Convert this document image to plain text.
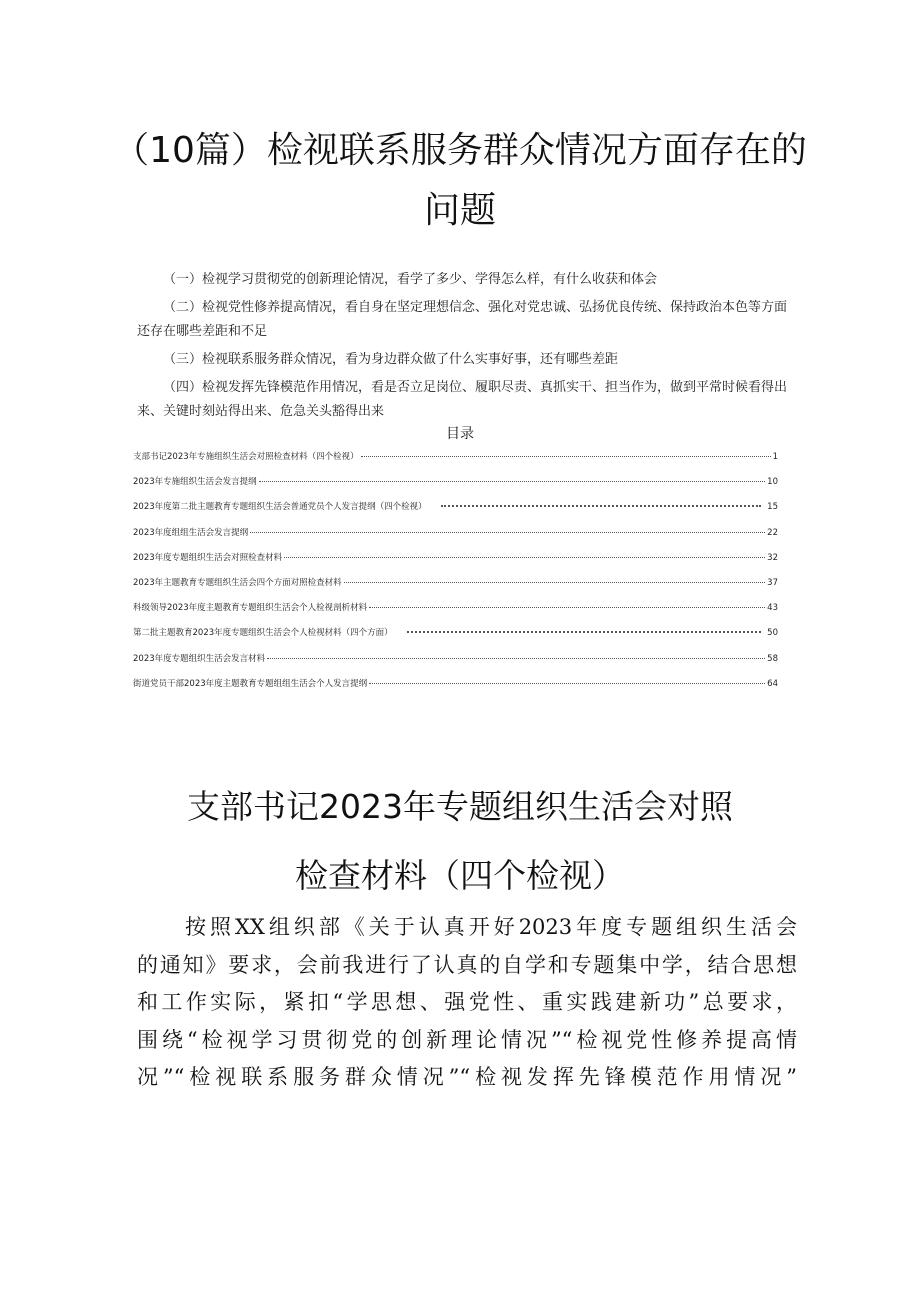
（10篇）检视联系服务群众情况方面存在的
问题

（一）检视学习贯彻党的创新理论情况，看学了多少、学得怎么样，有什么收获和体会

（二）检视党性修养提高情况，看自身在坚定理想信念、强化对党忠诚、弘扬优良传统、保持政治本色等方面还存在哪些差距和不足

（三）检视联系服务群众情况，看为身边群众做了什么实事好事，还有哪些差距

（四）检视发挥先锋模范作用情况，看是否立足岗位、履职尽责、真抓实干、担当作为，做到平常时候看得出来、关键时刻站得出来、危急关头豁得出来

目录
支部书记2023年专施组织生活会对照检查材料（四个检视）	1
2023年专施组织生活会发言提纲	10
2023年度第二批主题教育专题组织生活会普通党员个人发言提纲（四个检视）	15
2023年度组组生活会发言提纲	22
2023年度专题组织生活会对照检查材料	32
2023年主题教育专题组织生活会四个方面对照检查材料	37
科级领导2023年度主题教育专题组织生活会个人检视剖析材料	43
第二批主题教育2023年度专题组织生活会个人检视材料（四个方面）	50
2023年度专题组织生活会发言材料	58
街道党员干部2023年度主题教育专题组组生活会个人发言提纲	64
支部书记2023年专题组织生活会对照
检查材料（四个检视）
按照XX组织部《关于认真开好2023年度专题组织生活会
的通知》要求，会前我进行了认真的自学和专题集中学，结合思想
和工作实际，紧扣“学思想、强党性、重实践建新功”总要求，
围绕“检视学习贯彻党的创新理论情况”“检视党性修养提高情
况”“检视联系服务群众情况”“检视发挥先锋模范作用情况”
